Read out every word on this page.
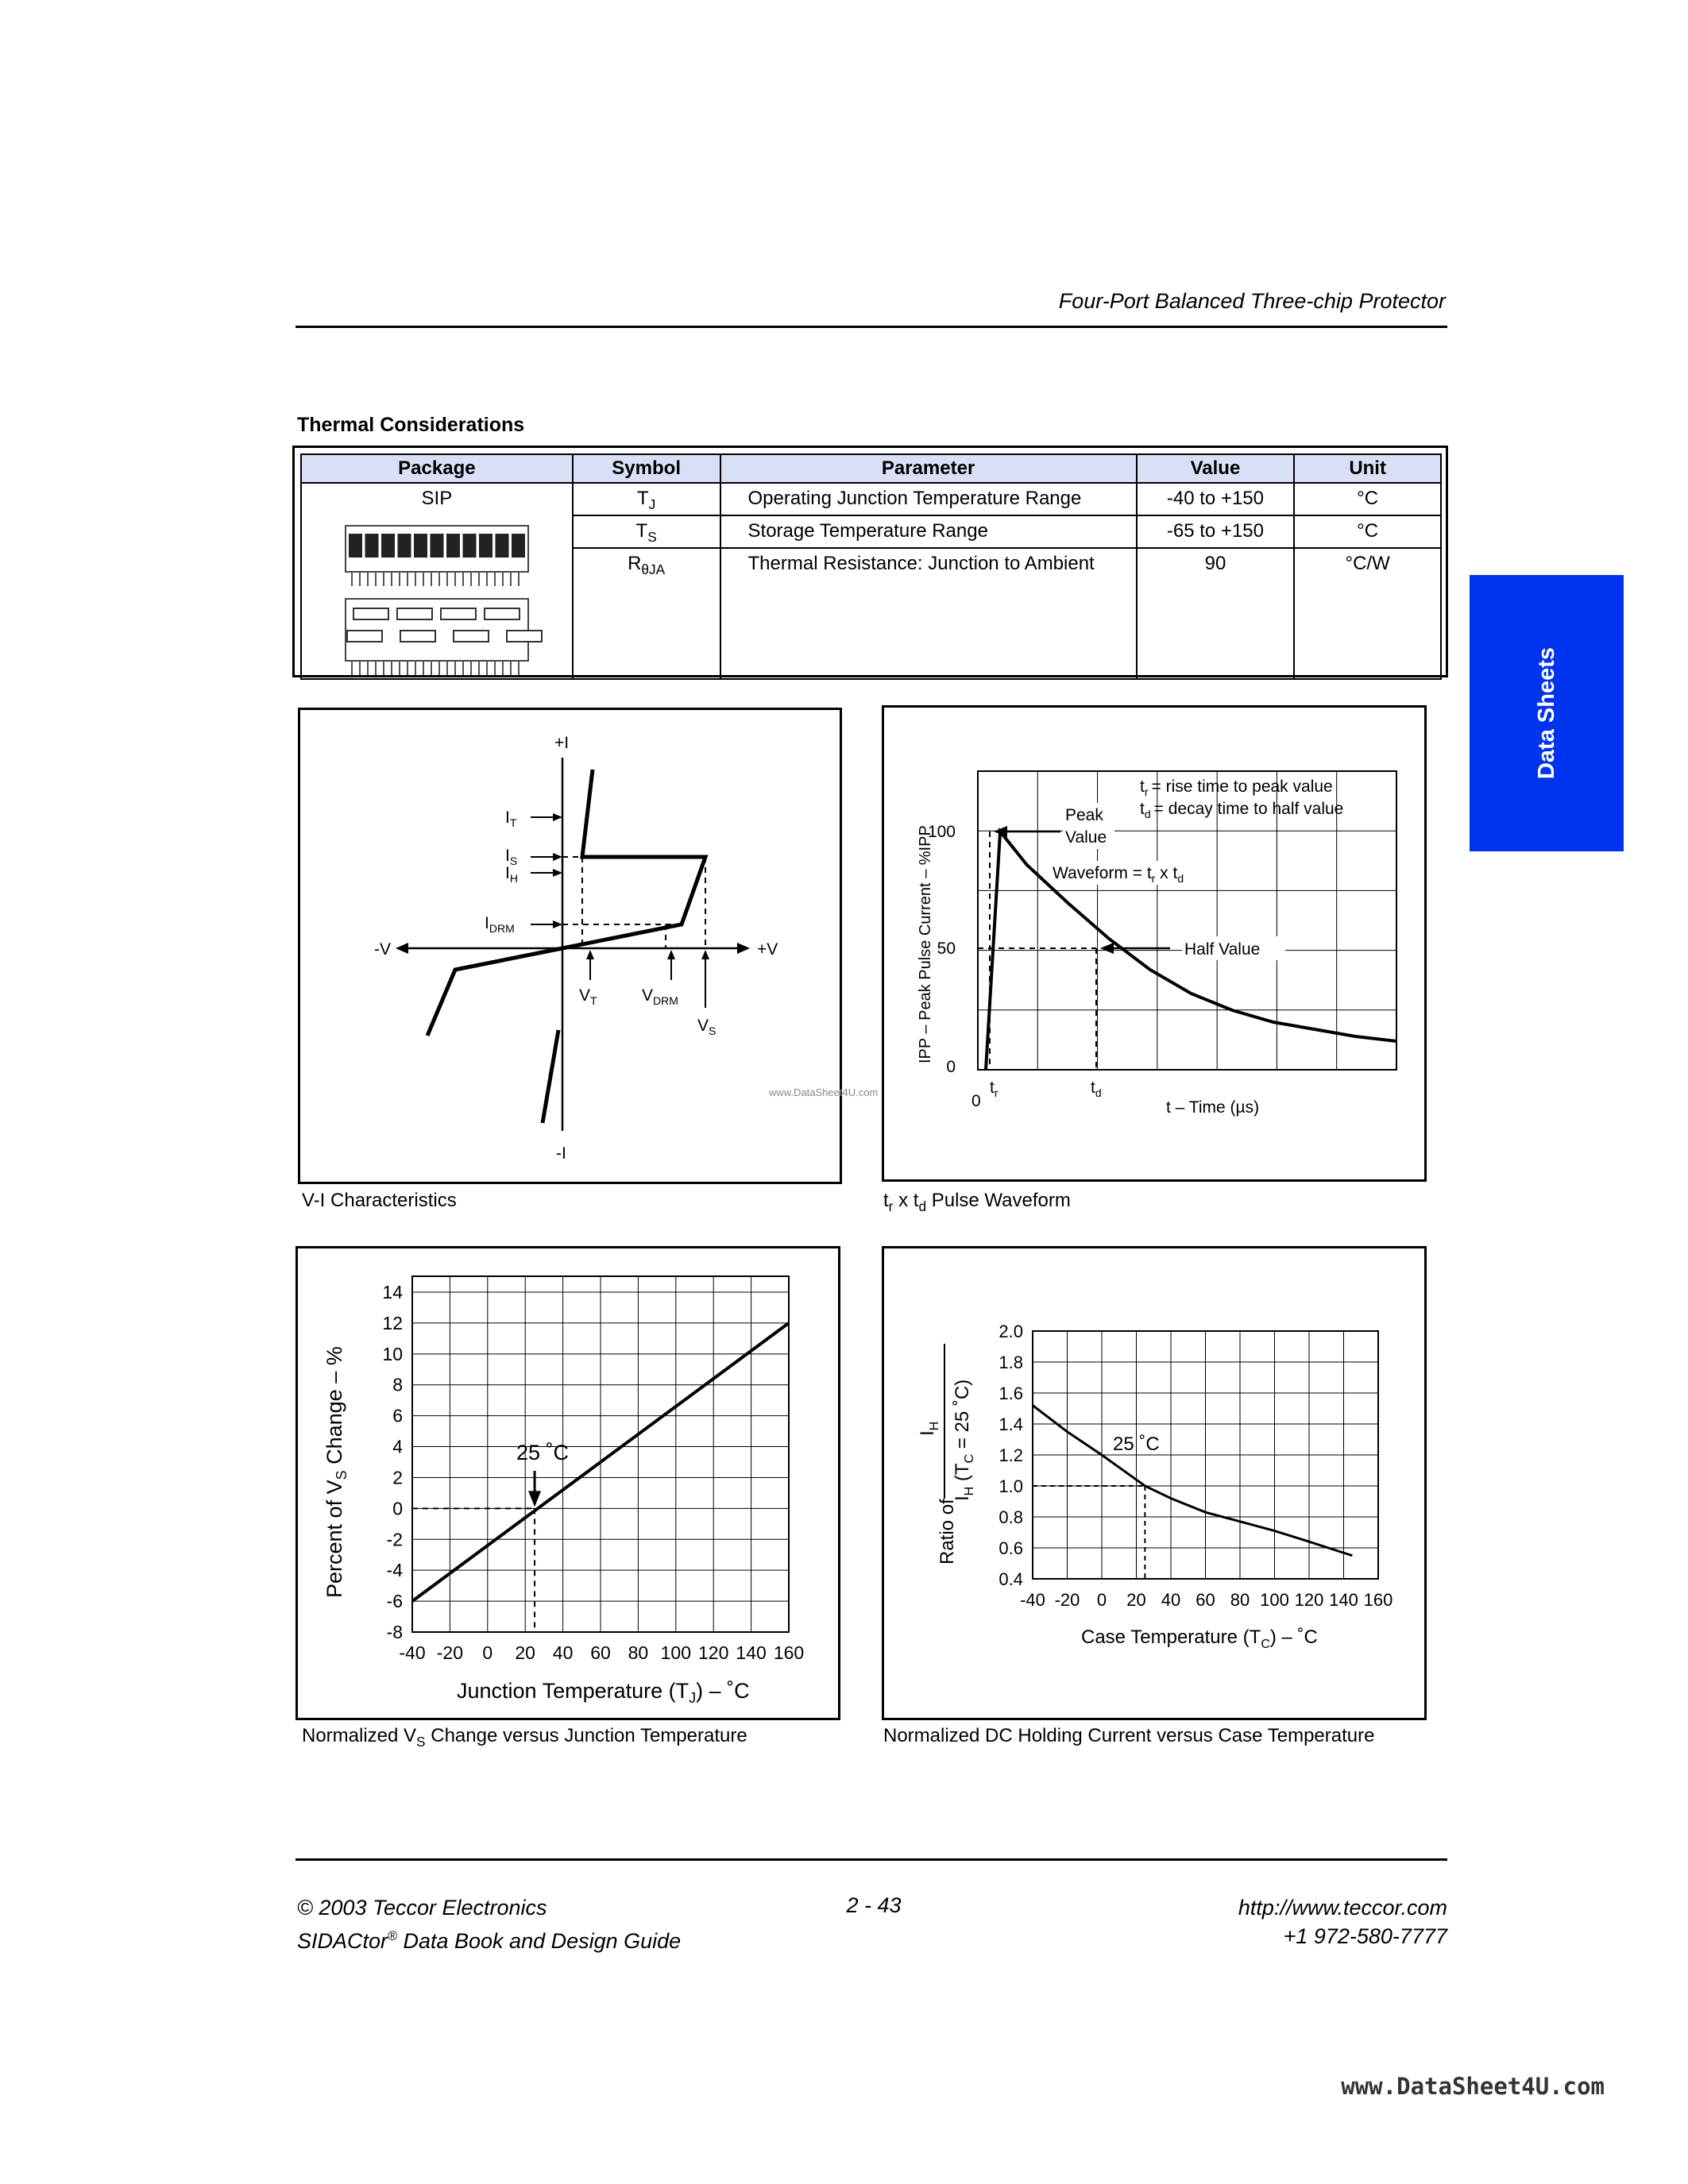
Four-Port Balanced Three-chip Protector
Thermal Considerations
Package	Symbol	Parameter	Value	Unit

SIP	$T_J$	Operating Junction Temperature Range	-40 to +150	°C

	$T_S$	Storage Temperature Range	-65 to +150	°C

	$R_{\theta JA}$	Thermal Resistance: Junction to Ambient	90	°C/W
Data Sheets
-V	+V
+I
-I
$I_T$
$I_S$
$I_H$
$I_{DRM}$
$V_T$	$V_{DRM}$
$V_S$
www.DataSheet4U.com
V-I Characteristics
100
50
0
0
$t_r$	$t_d$
t – Time (µs)
IPP – Peak Pulse Current – %IPP
$t_r$ = rise time to peak value
$t_d$ = decay time to half value
Peak
Value
Waveform = $t_r$ x $t_d$
Half Value
$t_r$ x $t_d$ Pulse Waveform
-40 -20 0 20 40 60 80 100 120 140 160
-8
-6
-4
-2
0
2
4
6
8
10
12
14
25 ˚C
Junction Temperature $(T_J)$ – ˚C
Percent of $V_S$ Change – %
Normalized $V_S$ Change versus Junction Temperature
-40 -20 0 20 40 60 80 100 120 140 160
0.4
0.6
0.8
1.0
1.2
1.4
1.6
1.8
2.0
25 ˚C
Case Temperature $(T_C)$ – ˚C
Ratio of
$I_H$
$I_H$ ($T_C = 25$ ˚C)
Normalized DC Holding Current versus Case Temperature
© 2003 Teccor Electronics
SIDACtor® Data Book and Design Guide
2 - 43	http://www.teccor.com
+1 972-580-7777
www.DataSheet4U.com
